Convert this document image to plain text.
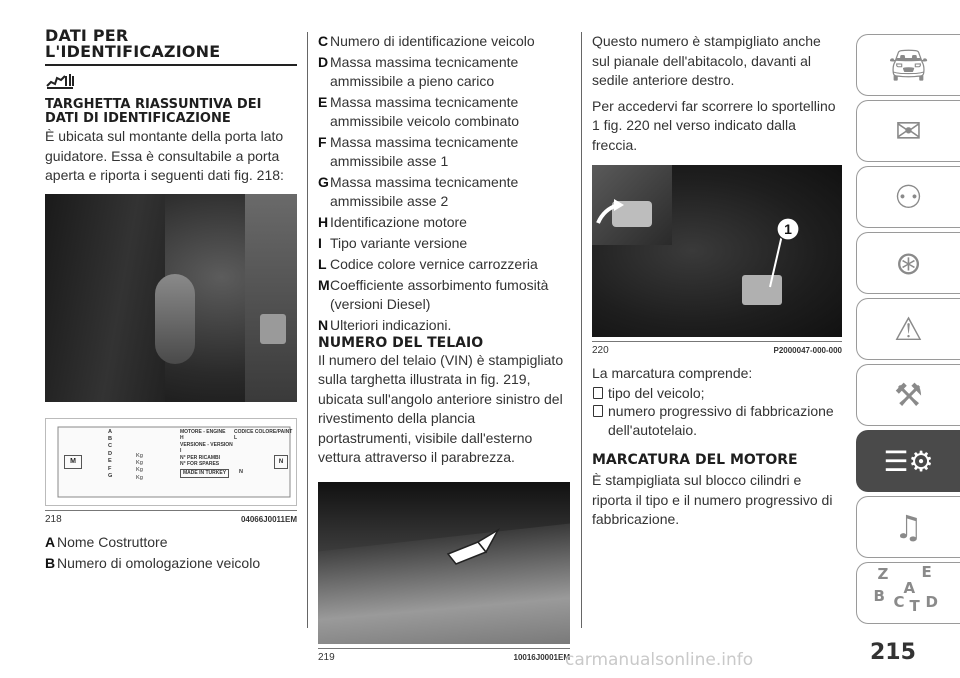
DATI PER L'IDENTIFICAZIONE
TARGHETTA RIASSUNTIVA DEI DATI DI IDENTIFICAZIONE

È ubicata sul montante della porta lato guidatore. Essa è consultabile a porta aperta e riporta i seguenti dati fig. 218:

A
B
C
D
E
F
G
Kg
Kg
Kg
Kg
MOTORE - ENGINE
H
VERSIONE - VERSION
I
N° PER RICAMBI
N° FOR SPARES
MADE IN TURKEY	N
CODICE COLORE/PAINT
L
M	N
218	04066J0011EM
A Nome Costruttore
B Numero di omologazione veicolo
C Numero di identificazione veicolo
D Massa massima tecnicamente ammissibile a pieno carico
E Massa massima tecnicamente ammissibile veicolo combinato
F Massa massima tecnicamente ammissibile asse 1
G Massa massima tecnicamente ammissibile asse 2
H Identificazione motore
I Tipo variante versione
L Codice colore vernice carrozzeria
M Coefficiente assorbimento fumosità (versioni Diesel)
N Ulteriori indicazioni.
NUMERO DEL TELAIO

Il numero del telaio (VIN) è stampigliato sulla targhetta illustrata in fig. 219, ubicata sull'angolo anteriore sinistro del rivestimento della plancia portastrumenti, visibile dall'esterno vettura attraverso il parabrezza.

219	10016J0001EM

Questo numero è stampigliato anche sul pianale dell'abitacolo, davanti al sedile anteriore destro.

Per accedervi far scorrere lo sportellino 1 fig. 220 nel verso indicato dalla freccia.

1
220	P2000047-000-000

La marcatura comprende:

tipo del veicolo;
numero progressivo di fabbricazione dell'autotelaio.
MARCATURA DEL MOTORE

È stampigliata sul blocco cilindri e riporta il tipo e il numero progressivo di fabbricazione.

🚘︎
✉
⚇
⊛
⚠
⚒
☰⚙
♫
Z E
B A
C T D
215
carmanualsonline.info
